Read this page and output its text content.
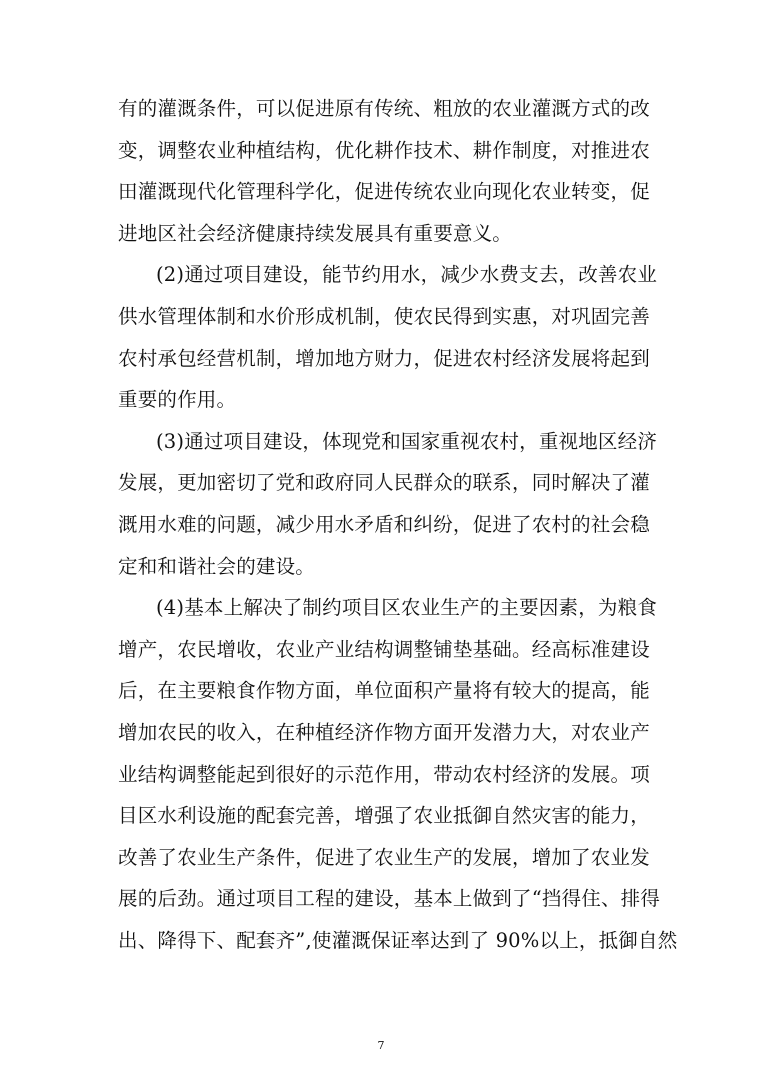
有的灌溉条件，可以促进原有传统、粗放的农业灌溉方式的改
变，调整农业种植结构，优化耕作技术、耕作制度，对推进农
田灌溉现代化管理科学化，促进传统农业向现化农业转变，促
进地区社会经济健康持续发展具有重要意义。
(2)通过项目建设，能节约用水，减少水费支去，改善农业
供水管理体制和水价形成机制，使农民得到实惠，对巩固完善
农村承包经营机制，增加地方财力，促进农村经济发展将起到
重要的作用。
(3)通过项目建设，体现党和国家重视农村，重视地区经济
发展，更加密切了党和政府同人民群众的联系，同时解决了灌
溉用水难的问题，减少用水矛盾和纠纷，促进了农村的社会稳
定和和谐社会的建设。
(4)基本上解决了制约项目区农业生产的主要因素，为粮食
增产，农民增收，农业产业结构调整铺垫基础。经高标准建设
后，在主要粮食作物方面，单位面积产量将有较大的提高，能
增加农民的收入，在种植经济作物方面开发潜力大，对农业产
业结构调整能起到很好的示范作用，带动农村经济的发展。项
目区水利设施的配套完善，增强了农业抵御自然灾害的能力，
改善了农业生产条件，促进了农业生产的发展，增加了农业发
展的后劲。通过项目工程的建设，基本上做到了“挡得住、排得
出、降得下、配套齐”,使灌溉保证率达到了 90%以上，抵御自然
7
